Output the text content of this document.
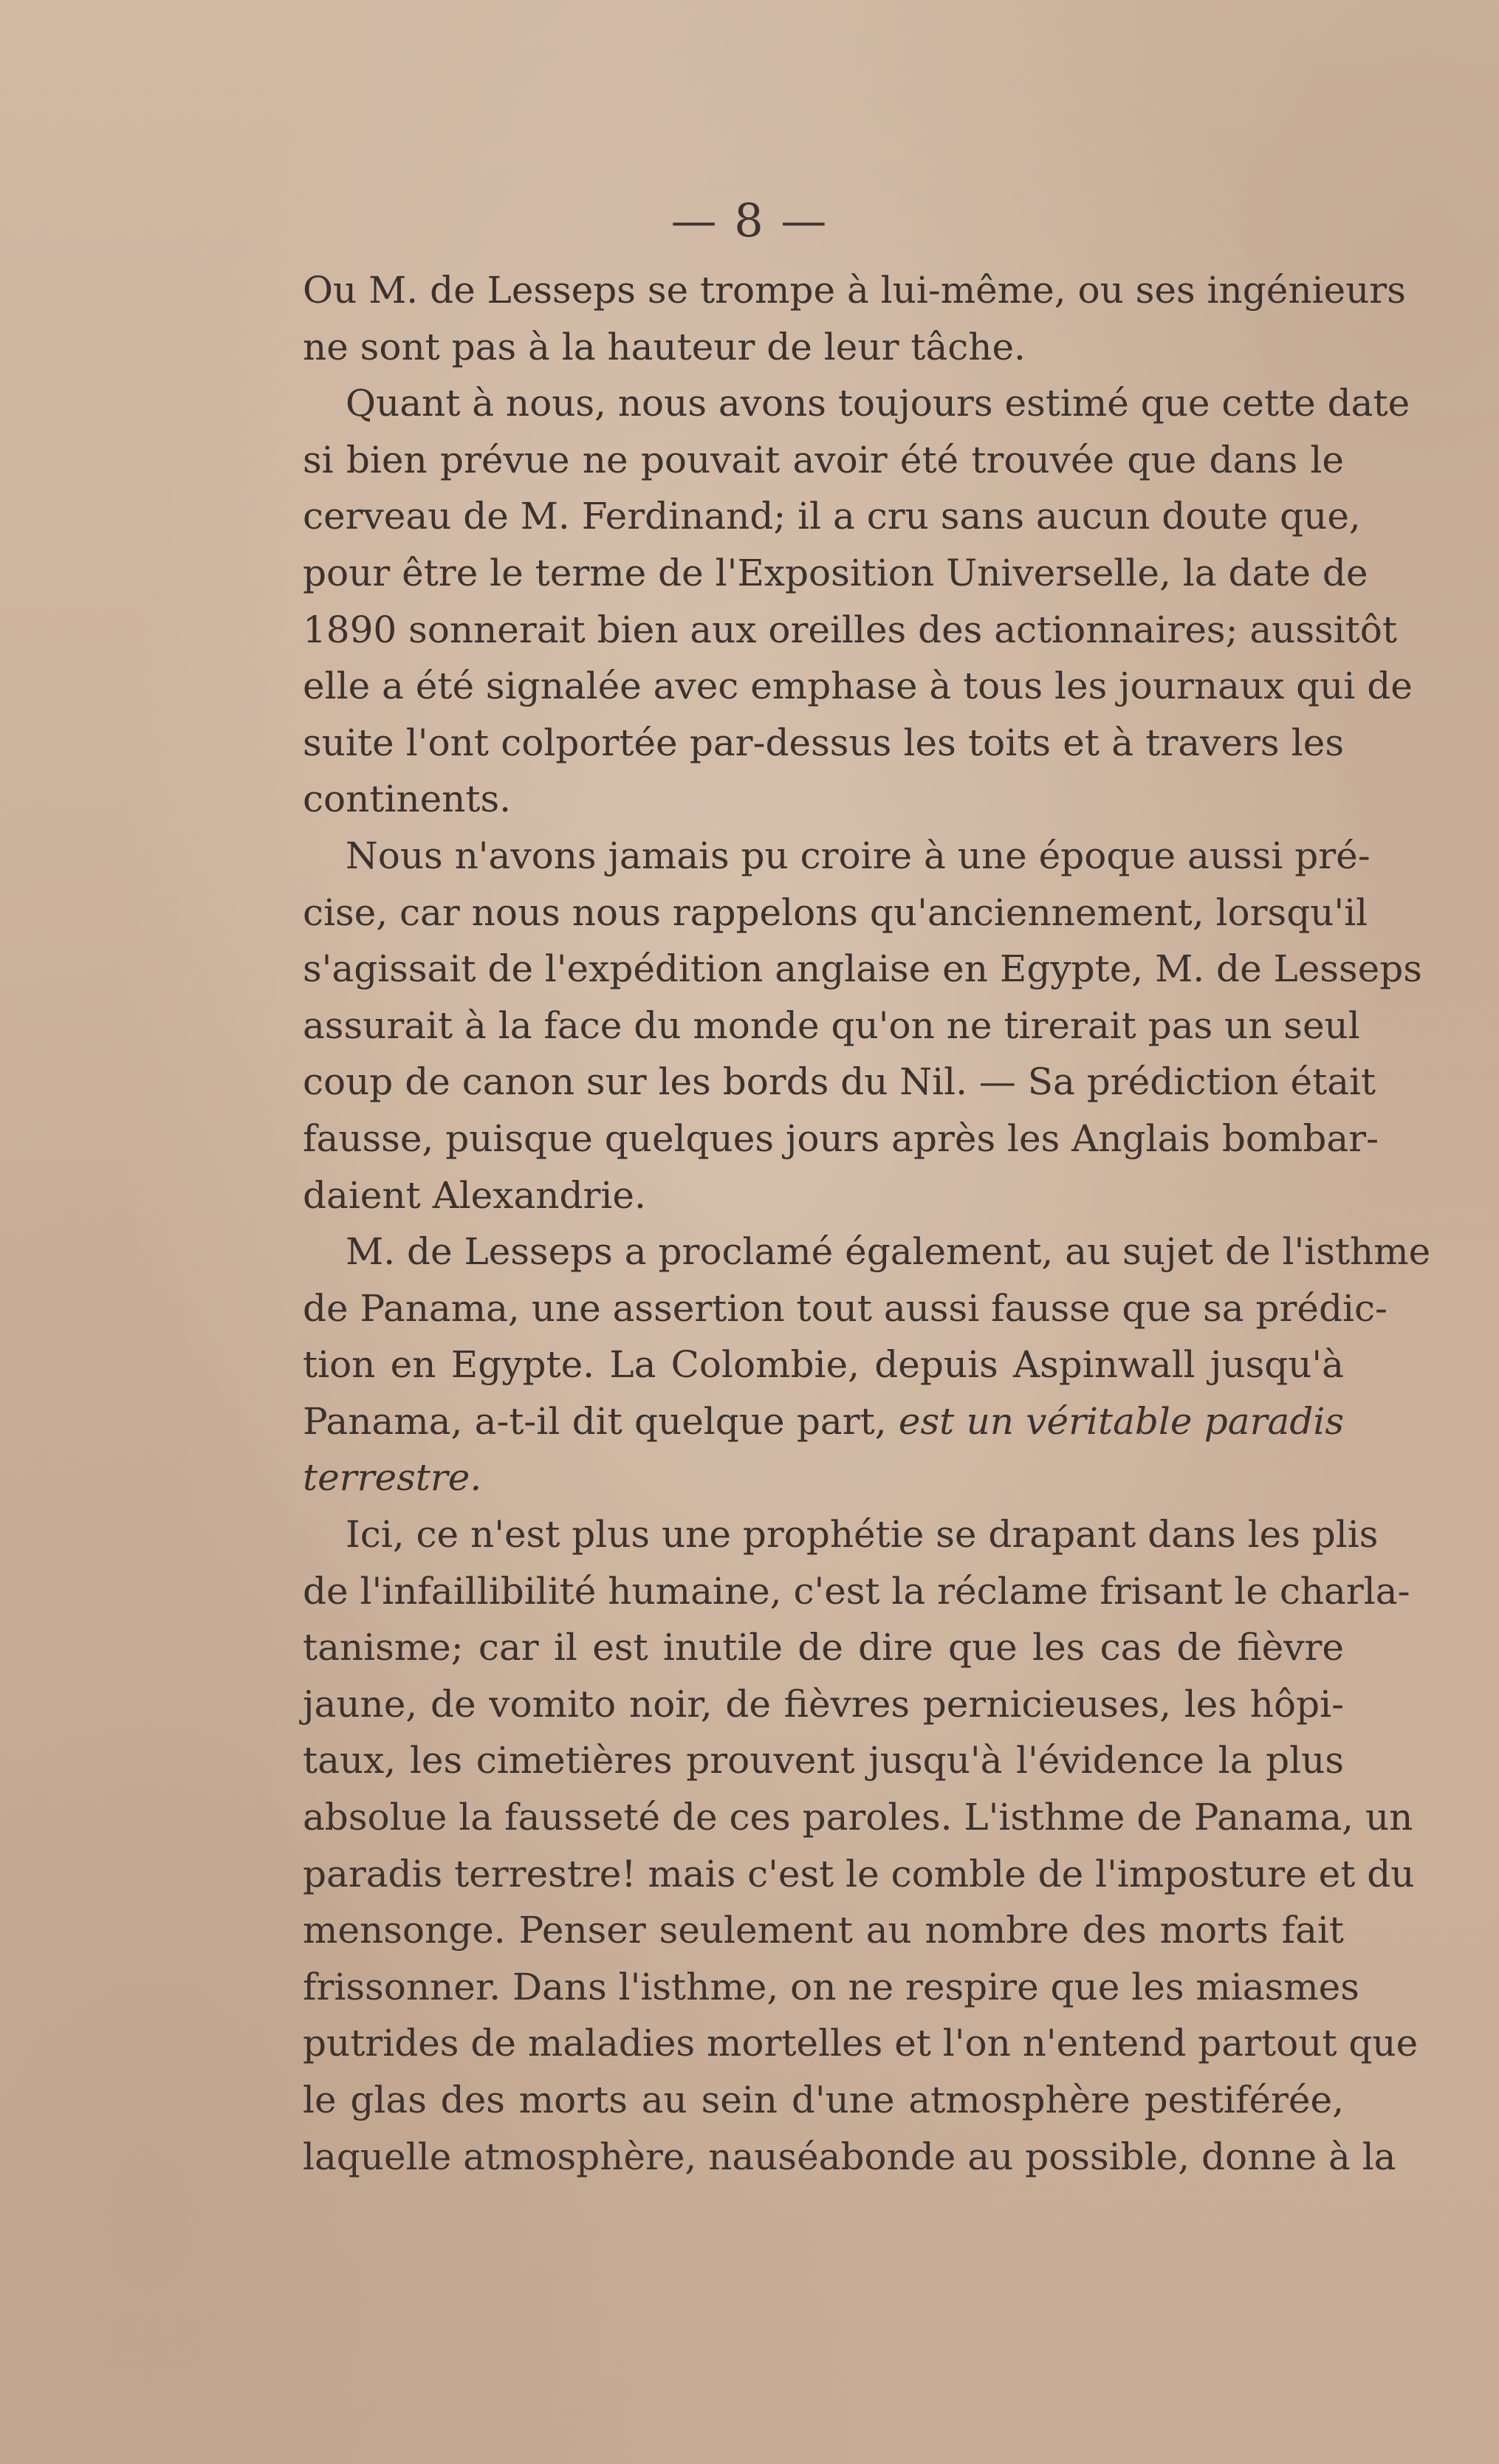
— 8 —
Ou M. de Lesseps se trompe à lui-même, ou ses ingénieurs
ne sont pas à la hauteur de leur tâche.
Quant à nous, nous avons toujours estimé que cette date
si bien prévue ne pouvait avoir été trouvée que dans le
cerveau de M. Ferdinand; il a cru sans aucun doute que,
pour être le terme de l'Exposition Universelle, la date de
1890 sonnerait bien aux oreilles des actionnaires; aussitôt
elle a été signalée avec emphase à tous les journaux qui de
suite l'ont colportée par-dessus les toits et à travers les
continents.
Nous n'avons jamais pu croire à une époque aussi pré-
cise, car nous nous rappelons qu'anciennement, lorsqu'il
s'agissait de l'expédition anglaise en Egypte, M. de Lesseps
assurait à la face du monde qu'on ne tirerait pas un seul
coup de canon sur les bords du Nil. — Sa prédiction était
fausse, puisque quelques jours après les Anglais bombar-
daient Alexandrie.
M. de Lesseps a proclamé également, au sujet de l'isthme
de Panama, une assertion tout aussi fausse que sa prédic-
tion en Egypte. La Colombie, depuis Aspinwall jusqu'à
Panama, a-t-il dit quelque part, est un véritable paradis
terrestre.
Ici, ce n'est plus une prophétie se drapant dans les plis
de l'infaillibilité humaine, c'est la réclame frisant le charla-
tanisme; car il est inutile de dire que les cas de fièvre
jaune, de vomito noir, de fièvres pernicieuses, les hôpi-
taux, les cimetières prouvent jusqu'à l'évidence la plus
absolue la fausseté de ces paroles. L'isthme de Panama, un
paradis terrestre! mais c'est le comble de l'imposture et du
mensonge. Penser seulement au nombre des morts fait
frissonner. Dans l'isthme, on ne respire que les miasmes
putrides de maladies mortelles et l'on n'entend partout que
le glas des morts au sein d'une atmosphère pestiférée,
laquelle atmosphère, nauséabonde au possible, donne à la
